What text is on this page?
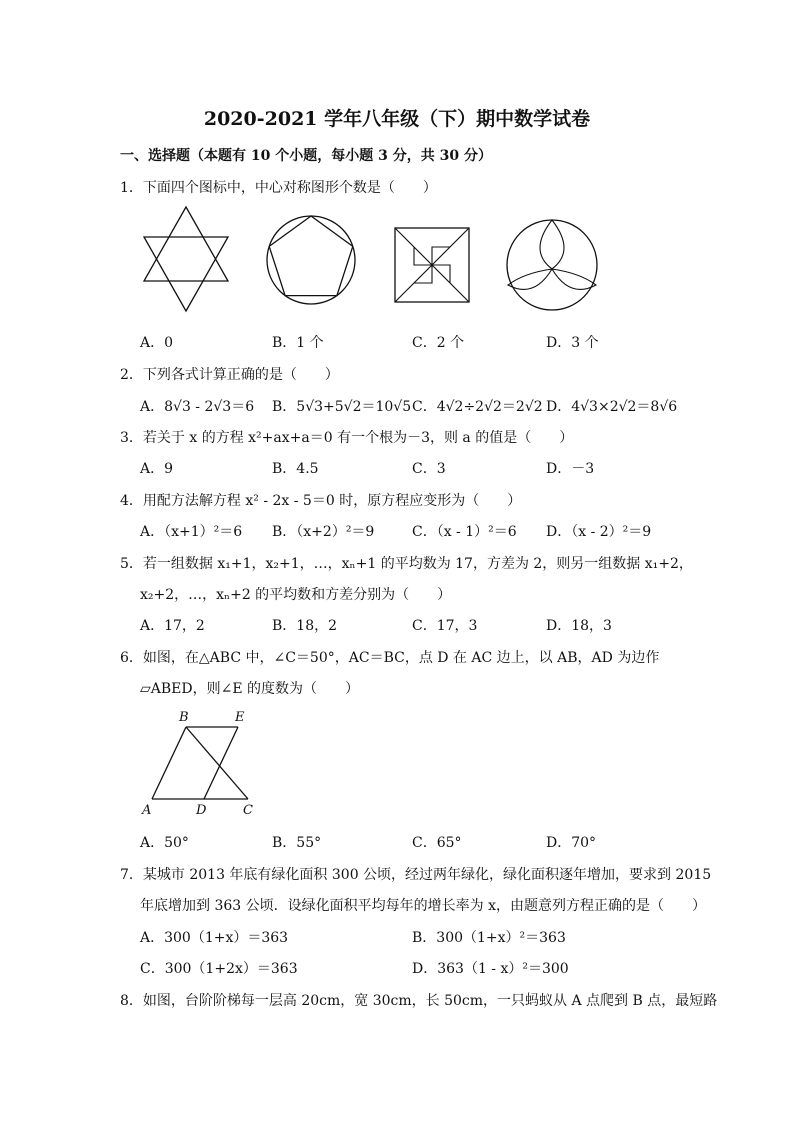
2020-2021 学年八年级（下）期中数学试卷
一、选择题（本题有 10 个小题，每小题 3 分，共 30 分）
1．下面四个图标中，中心对称图形个数是（　　）
A．0	B．1 个	C．2 个	D．3 个
2．下列各式计算正确的是（　　）
A．8√3 - 2√3＝6 B．5√3+5√2＝10√5 C．4√2÷2√2＝2√2 D．4√3×2√2＝8√6
3．若关于 x 的方程 x²+ax+a＝0 有一个根为－3，则 a 的值是（　　）
A．9	B．4.5	C．3	D．－3
4．用配方法解方程 x² - 2x - 5＝0 时，原方程应变形为（　　）
A．（x+1）²＝6 B．（x+2）²＝9	C．（x - 1）²＝6 D．（x - 2）²＝9
5．若一组数据 x₁+1，x₂+1，…，xₙ+1 的平均数为 17，方差为 2，则另一组数据 x₁+2，
x₂+2，…，xₙ+2 的平均数和方差分别为（　　）
A．17，2	B．18，2	C．17，3	D．18，3
6．如图，在△ABC 中，∠C＝50°，AC＝BC，点 D 在 AC 边上，以 AB，AD 为边作
▱ABED，则∠E 的度数为（　　）
B	E
A	D	C
A．50°	B．55°	C．65°	D．70°
7．某城市 2013 年底有绿化面积 300 公顷，经过两年绿化，绿化面积逐年增加，要求到 2015
年底增加到 363 公顷．设绿化面积平均每年的增长率为 x，由题意列方程正确的是（　　）
A．300（1+x）＝363	B．300（1+x）²＝363
C．300（1+2x）＝363	D．363（1 - x）²＝300
8．如图，台阶阶梯每一层高 20cm，宽 30cm，长 50cm，一只蚂蚁从 A 点爬到 B 点，最短路
